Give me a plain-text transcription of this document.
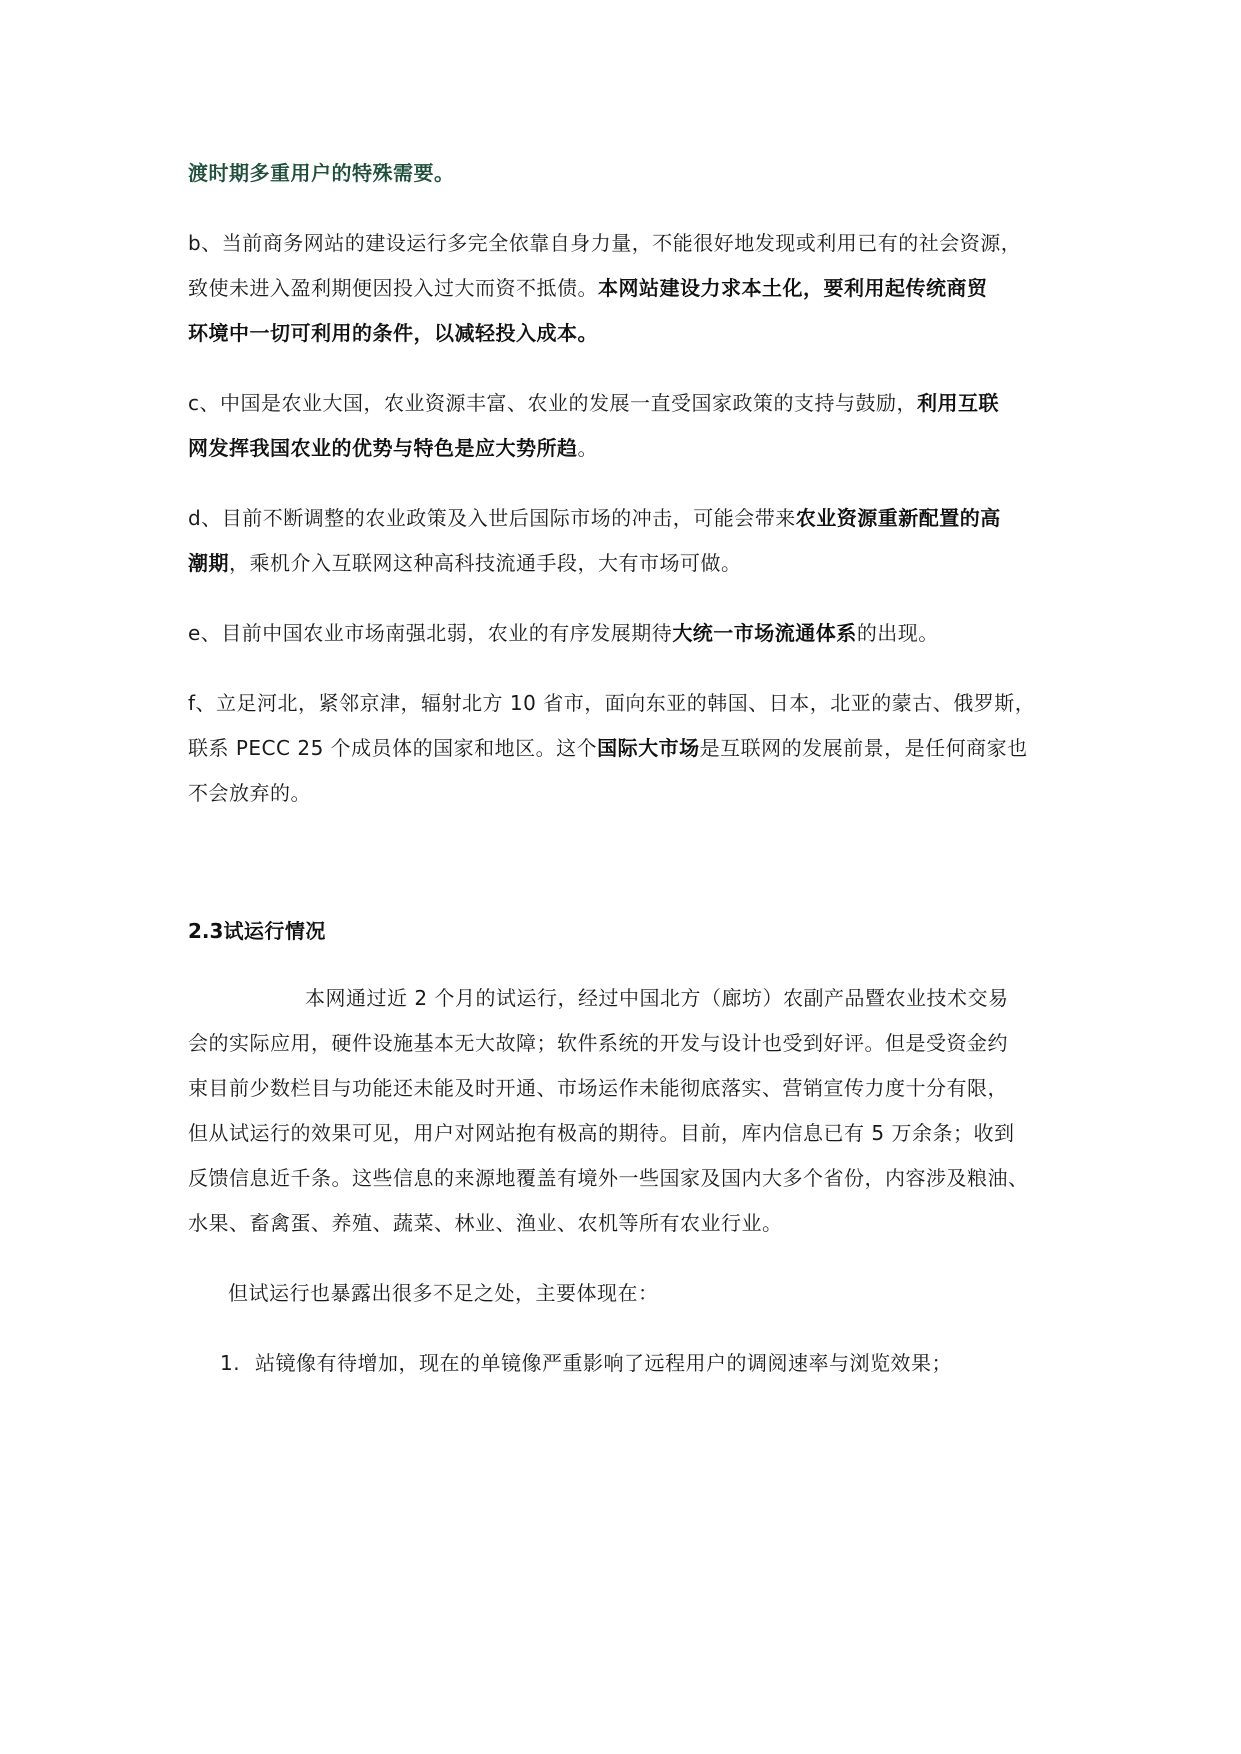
渡时期多重用户的特殊需要。
b、当前商务网站的建设运行多完全依靠自身力量，不能很好地发现或利用已有的社会资源，
致使未进入盈利期便因投入过大而资不抵债。本网站建设力求本土化，要利用起传统商贸
环境中一切可利用的条件，以减轻投入成本。
c、中国是农业大国，农业资源丰富、农业的发展一直受国家政策的支持与鼓励，利用互联
网发挥我国农业的优势与特色是应大势所趋。
d、目前不断调整的农业政策及入世后国际市场的冲击，可能会带来农业资源重新配置的高
潮期，乘机介入互联网这种高科技流通手段，大有市场可做。
e、目前中国农业市场南强北弱，农业的有序发展期待大统一市场流通体系的出现。
f、立足河北，紧邻京津，辐射北方 10 省市，面向东亚的韩国、日本，北亚的蒙古、俄罗斯，
联系 PECC 25 个成员体的国家和地区。这个国际大市场是互联网的发展前景，是任何商家也
不会放弃的。
2.3试运行情况
本网通过近 2 个月的试运行，经过中国北方（廊坊）农副产品暨农业技术交易
会的实际应用，硬件设施基本无大故障；软件系统的开发与设计也受到好评。但是受资金约
束目前少数栏目与功能还未能及时开通、市场运作未能彻底落实、营销宣传力度十分有限，
但从试运行的效果可见，用户对网站抱有极高的期待。目前，库内信息已有 5 万余条；收到
反馈信息近千条。这些信息的来源地覆盖有境外一些国家及国内大多个省份，内容涉及粮油、
水果、畜禽蛋、养殖、蔬菜、林业、渔业、农机等所有农业行业。
但试运行也暴露出很多不足之处，主要体现在：
1. 站镜像有待增加，现在的单镜像严重影响了远程用户的调阅速率与浏览效果；
